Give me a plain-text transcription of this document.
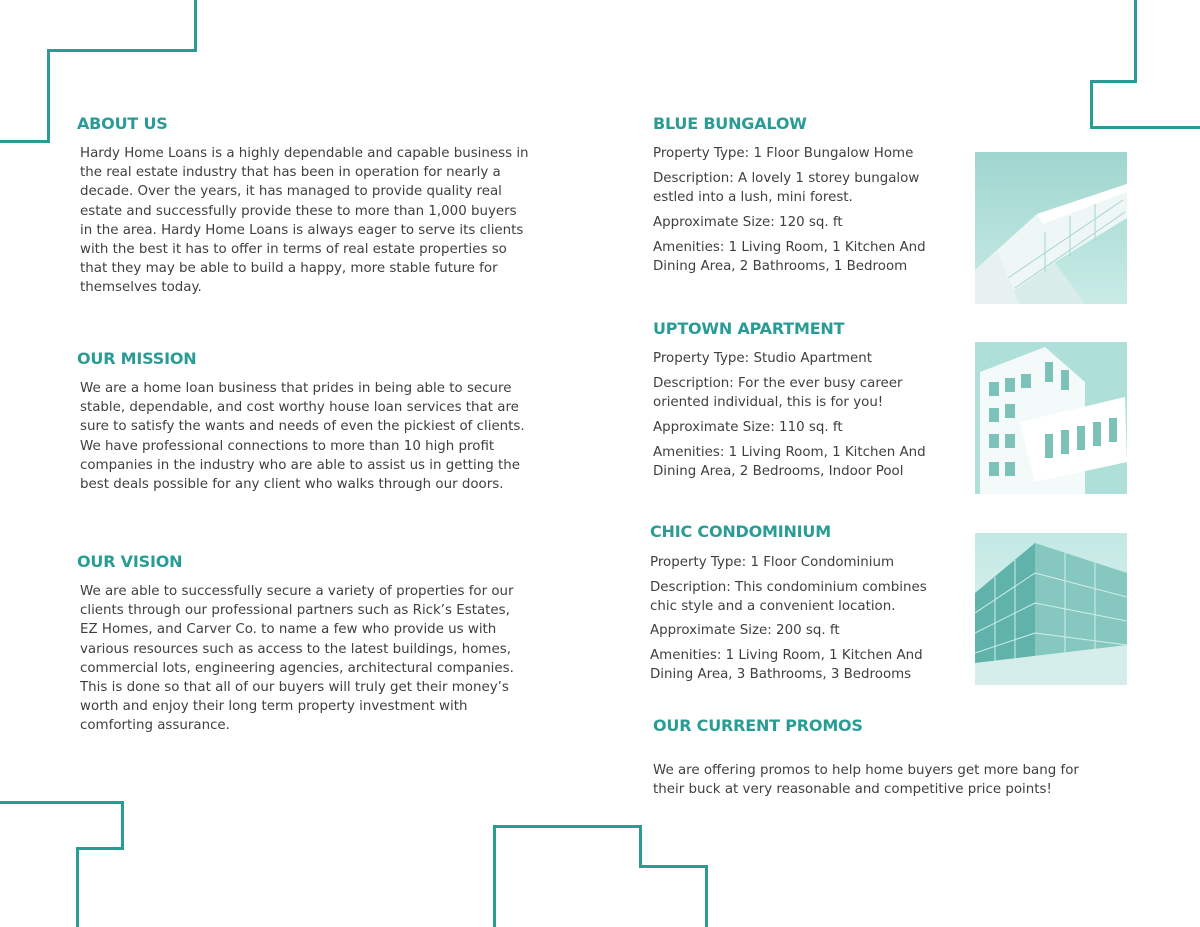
ABOUT US

Hardy Home Loans is a highly dependable and capable business in the real estate industry that has been in operation for nearly a decade. Over the years, it has managed to provide quality real estate and successfully provide these to more than 1,000 buyers in the area. Hardy Home Loans is always eager to serve its clients with the best it has to offer in terms of real estate properties so that they may be able to build a happy, more stable future for themselves today.

OUR MISSION

We are a home loan business that prides in being able to secure stable, dependable, and cost worthy house loan services that are sure to satisfy the wants and needs of even the pickiest of clients. We have professional connections to more than 10 high profit companies in the industry who are able to assist us in getting the best deals possible for any client who walks through our doors.

OUR VISION

We are able to successfully secure a variety of properties for our clients through our professional partners such as Rick’s Estates, EZ Homes, and Carver Co. to name a few who provide us with various resources such as access to the latest buildings, homes, commercial lots, engineering agencies, architectural companies. This is done so that all of our buyers will truly get their money’s worth and enjoy their long term property investment with comforting assurance.

BLUE BUNGALOW

Property Type: 1 Floor Bungalow Home

Description: A lovely 1 storey bungalow estled into a lush, mini forest.

Approximate Size: 120 sq. ft

Amenities: 1 Living Room, 1 Kitchen And Dining Area, 2 Bathrooms, 1 Bedroom

UPTOWN APARTMENT

Property Type: Studio Apartment

Description: For the ever busy career oriented individual, this is for you!

Approximate Size: 110 sq. ft

Amenities: 1 Living Room, 1 Kitchen And Dining Area, 2 Bedrooms, Indoor Pool

CHIC CONDOMINIUM

Property Type: 1 Floor Condominium

Description: This condominium combines chic style and a convenient location.

Approximate Size: 200 sq. ft

Amenities: 1 Living Room, 1 Kitchen And Dining Area, 3 Bathrooms, 3 Bedrooms

OUR CURRENT PROMOS

We are offering promos to help home buyers get more bang for their buck at very reasonable and competitive price points!
